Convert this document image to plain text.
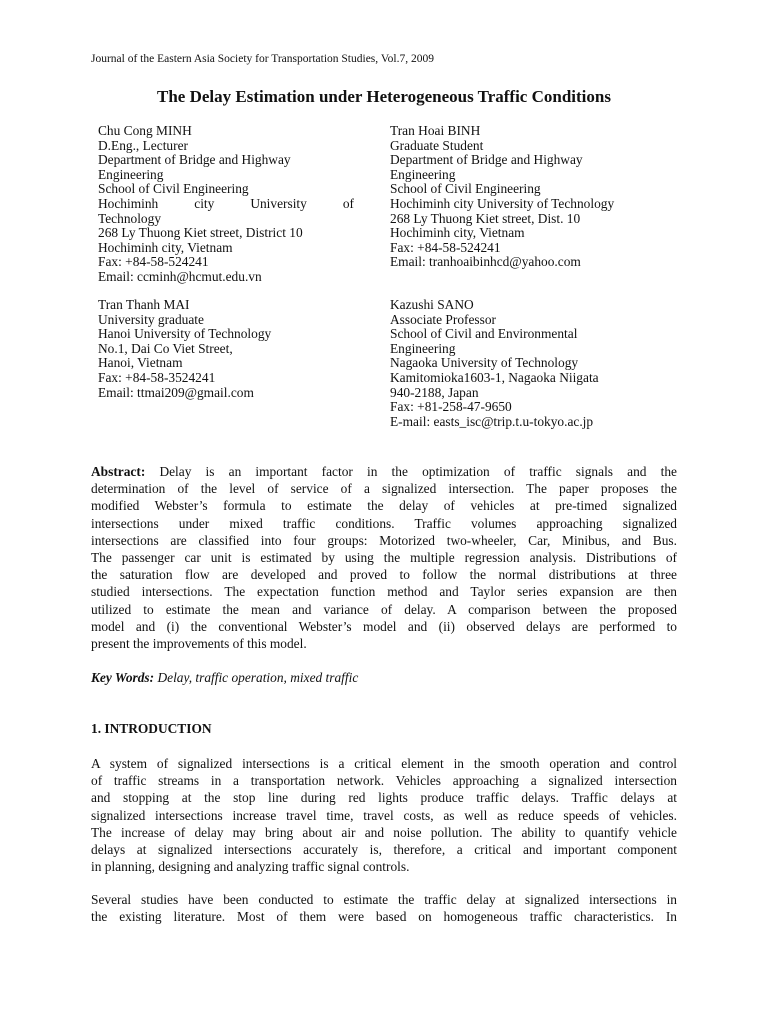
Journal of the Eastern Asia Society for Transportation Studies, Vol.7, 2009
The Delay Estimation under Heterogeneous Traffic Conditions
Chu Cong MINH
D.Eng., Lecturer
Department of Bridge and Highway
Engineering
School of Civil Engineering
Hochiminh city University of
Technology
268 Ly Thuong Kiet street, District 10
Hochiminh city, Vietnam
Fax: +84-58-524241
Email: ccminh@hcmut.edu.vn
Tran Hoai BINH
Graduate Student
Department of Bridge and Highway
Engineering
School of Civil Engineering
Hochiminh city University of Technology
268 Ly Thuong Kiet street, Dist. 10
Hochiminh city, Vietnam
Fax: +84-58-524241
Email: tranhoaibinhcd@yahoo.com
Tran Thanh MAI
University graduate
Hanoi University of Technology
No.1, Dai Co Viet Street,
Hanoi, Vietnam
Fax: +84-58-3524241
Email: ttmai209@gmail.com
Kazushi SANO
Associate Professor
School of Civil and Environmental
Engineering
Nagaoka University of Technology
Kamitomioka1603-1, Nagaoka Niigata
940-2188, Japan
Fax: +81-258-47-9650
E-mail: easts_isc@trip.t.u-tokyo.ac.jp
Abstract: Delay is an important factor in the optimization of traffic signals and the
determination of the level of service of a signalized intersection. The paper proposes the
modified Webster’s formula to estimate the delay of vehicles at pre-timed signalized
intersections under mixed traffic conditions. Traffic volumes approaching signalized
intersections are classified into four groups: Motorized two-wheeler, Car, Minibus, and Bus.
The passenger car unit is estimated by using the multiple regression analysis. Distributions of
the saturation flow are developed and proved to follow the normal distributions at three
studied intersections. The expectation function method and Taylor series expansion are then
utilized to estimate the mean and variance of delay. A comparison between the proposed
model and (i) the conventional Webster’s model and (ii) observed delays are performed to
present the improvements of this model.
Key Words: Delay, traffic operation, mixed traffic
1. INTRODUCTION
A system of signalized intersections is a critical element in the smooth operation and control
of traffic streams in a transportation network. Vehicles approaching a signalized intersection
and stopping at the stop line during red lights produce traffic delays. Traffic delays at
signalized intersections increase travel time, travel costs, as well as reduce speeds of vehicles.
The increase of delay may bring about air and noise pollution. The ability to quantify vehicle
delays at signalized intersections accurately is, therefore, a critical and important component
in planning, designing and analyzing traffic signal controls.
Several studies have been conducted to estimate the traffic delay at signalized intersections in
the existing literature. Most of them were based on homogeneous traffic characteristics. In
